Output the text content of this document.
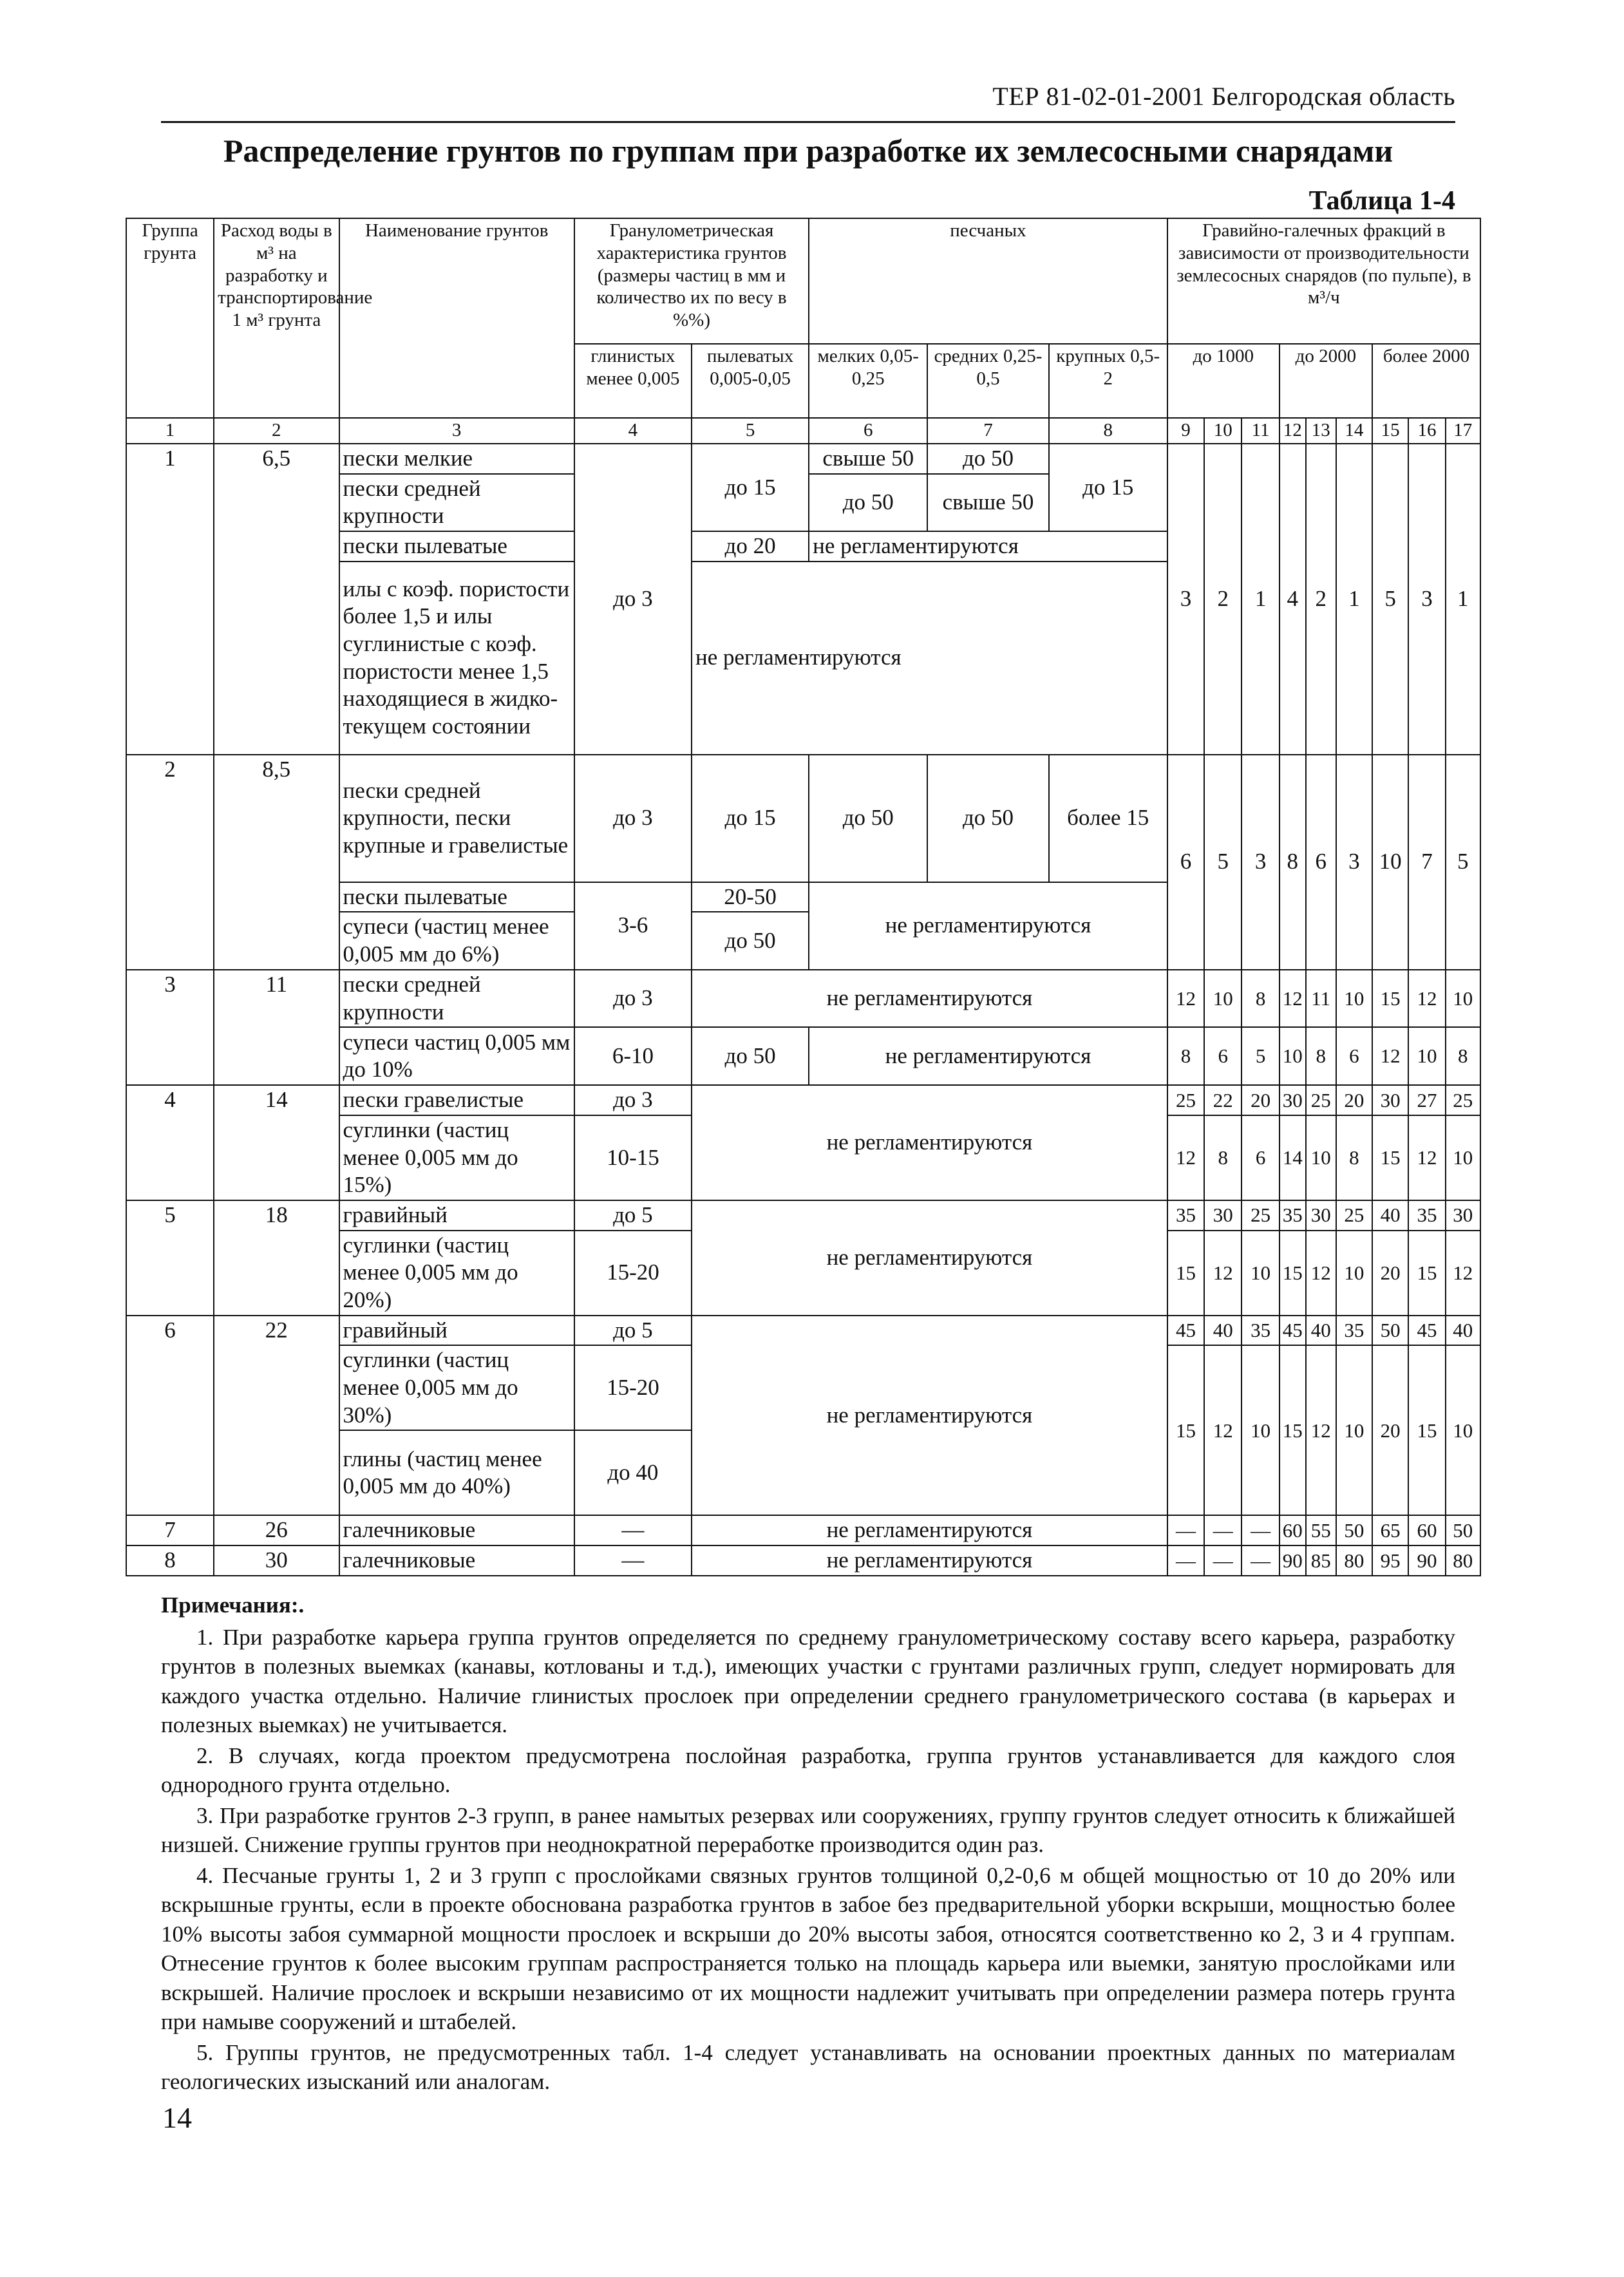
ТЕР 81-02-01-2001 Белгородская область
Распределение грунтов по группам при разработке их землесосными снарядами
Таблица 1-4
Группа грунта	Расход воды в м³ на разработку и транспортирование 1 м³ грунта	Наименование грунтов	Гранулометрическая характеристика грунтов (размеры частиц в мм и количество их по весу в %%)		песчаных			Гравийно-галечных фракций в зависимости от производительности землесосных снарядов (по пульпе), в м³/ч								
			глинистых менее 0,005	пылеватых 0,005-0,05	мелких 0,05-0,25	средних 0,25-0,5	крупных 0,5-2	до 1000			до 2000			более 2000		
1	2	3	4	5	6	7	8	9	10	11	12	13	14	15	16	17
1	6,5	пески мелкие	до 3	до 15	свыше 50	до 50	до 15	3	2	1	4	2	1	5	3	1
		пески средней крупности			до 50	свыше 50										
		пески пылеватые		до 20	не регламентируются											
		илы с коэф. пористости более 1,5 и илы суглинистые с коэф. пористости менее 1,5 находящиеся в жидко-текущем состоянии		не регламентируются												

2	8,5	пески средней крупности, пески крупные и гравелистые	до 3	до 15	до 50	до 50	более 15	6	5	3	8	6	3	10	7	5
		пески пылеватые	3-6	20-50	не регламентируются											
		супеси (частиц менее 0,005 мм до 6%)		до 50												
3	11	пески средней крупности	до 3	не регламентируются				12	10	8	12	11	10	15	12	10
		супеси частиц 0,005 мм до 10%	6-10	до 50	не регламентируются			8	6	5	10	8	6	12	10	8
4	14	пески гравелистые	до 3	не регламентируются				25	22	20	30	25	20	30	27	25
		суглинки (частиц менее 0,005 мм до 15%)	10-15					12	8	6	14	10	8	15	12	10
5	18	гравийный	до 5	не регламентируются				35	30	25	35	30	25	40	35	30
		суглинки (частиц менее 0,005 мм до 20%)	15-20					15	12	10	15	12	10	20	15	12
6	22	гравийный	до 5	не регламентируются				45	40	35	45	40	35	50	45	40
		суглинки (частиц менее 0,005 мм до 30%)	15-20					15	12	10	15	12	10	20	15	10
		глины (частиц менее 0,005 мм до 40%)	до 40													
7	26	галечниковые	—	не регламентируются				—	—	—	60	55	50	65	60	50
8	30	галечниковые	—	не регламентируются				—	—	—	90	85	80	95	90	80
Примечания:.

1. При разработке карьера группа грунтов определяется по среднему гранулометрическому составу всего карьера, разработку грунтов в полезных выемках (канавы, котлованы и т.д.), имеющих участки с грунтами различных групп, следует нормировать для каждого участка отдельно. Наличие глинистых прослоек при определении среднего гранулометрического состава (в карьерах и полезных выемках) не учитывается.

2. В случаях, когда проектом предусмотрена послойная разработка, группа грунтов устанавливается для каждого слоя однородного грунта отдельно.

3. При разработке грунтов 2-3 групп, в ранее намытых резервах или сооружениях, группу грунтов следует относить к ближайшей низшей. Снижение группы грунтов при неоднократной переработке производится один раз.

4. Песчаные грунты 1, 2 и 3 групп с прослойками связных грунтов толщиной 0,2-0,6 м общей мощностью от 10 до 20% или вскрышные грунты, если в проекте обоснована разработка грунтов в забое без предварительной уборки вскрыши, мощностью более 10% высоты забоя суммарной мощности прослоек и вскрыши до 20% высоты забоя, относятся соответственно ко 2, 3 и 4 группам. Отнесение грунтов к более высоким группам распространяется только на площадь карьера или выемки, занятую прослойками или вскрышей. Наличие прослоек и вскрыши независимо от их мощности надлежит учитывать при определении размера потерь грунта при намыве сооружений и штабелей.

5. Группы грунтов, не предусмотренных табл. 1-4 следует устанавливать на основании проектных данных по материалам геологических изысканий или аналогам.

14
